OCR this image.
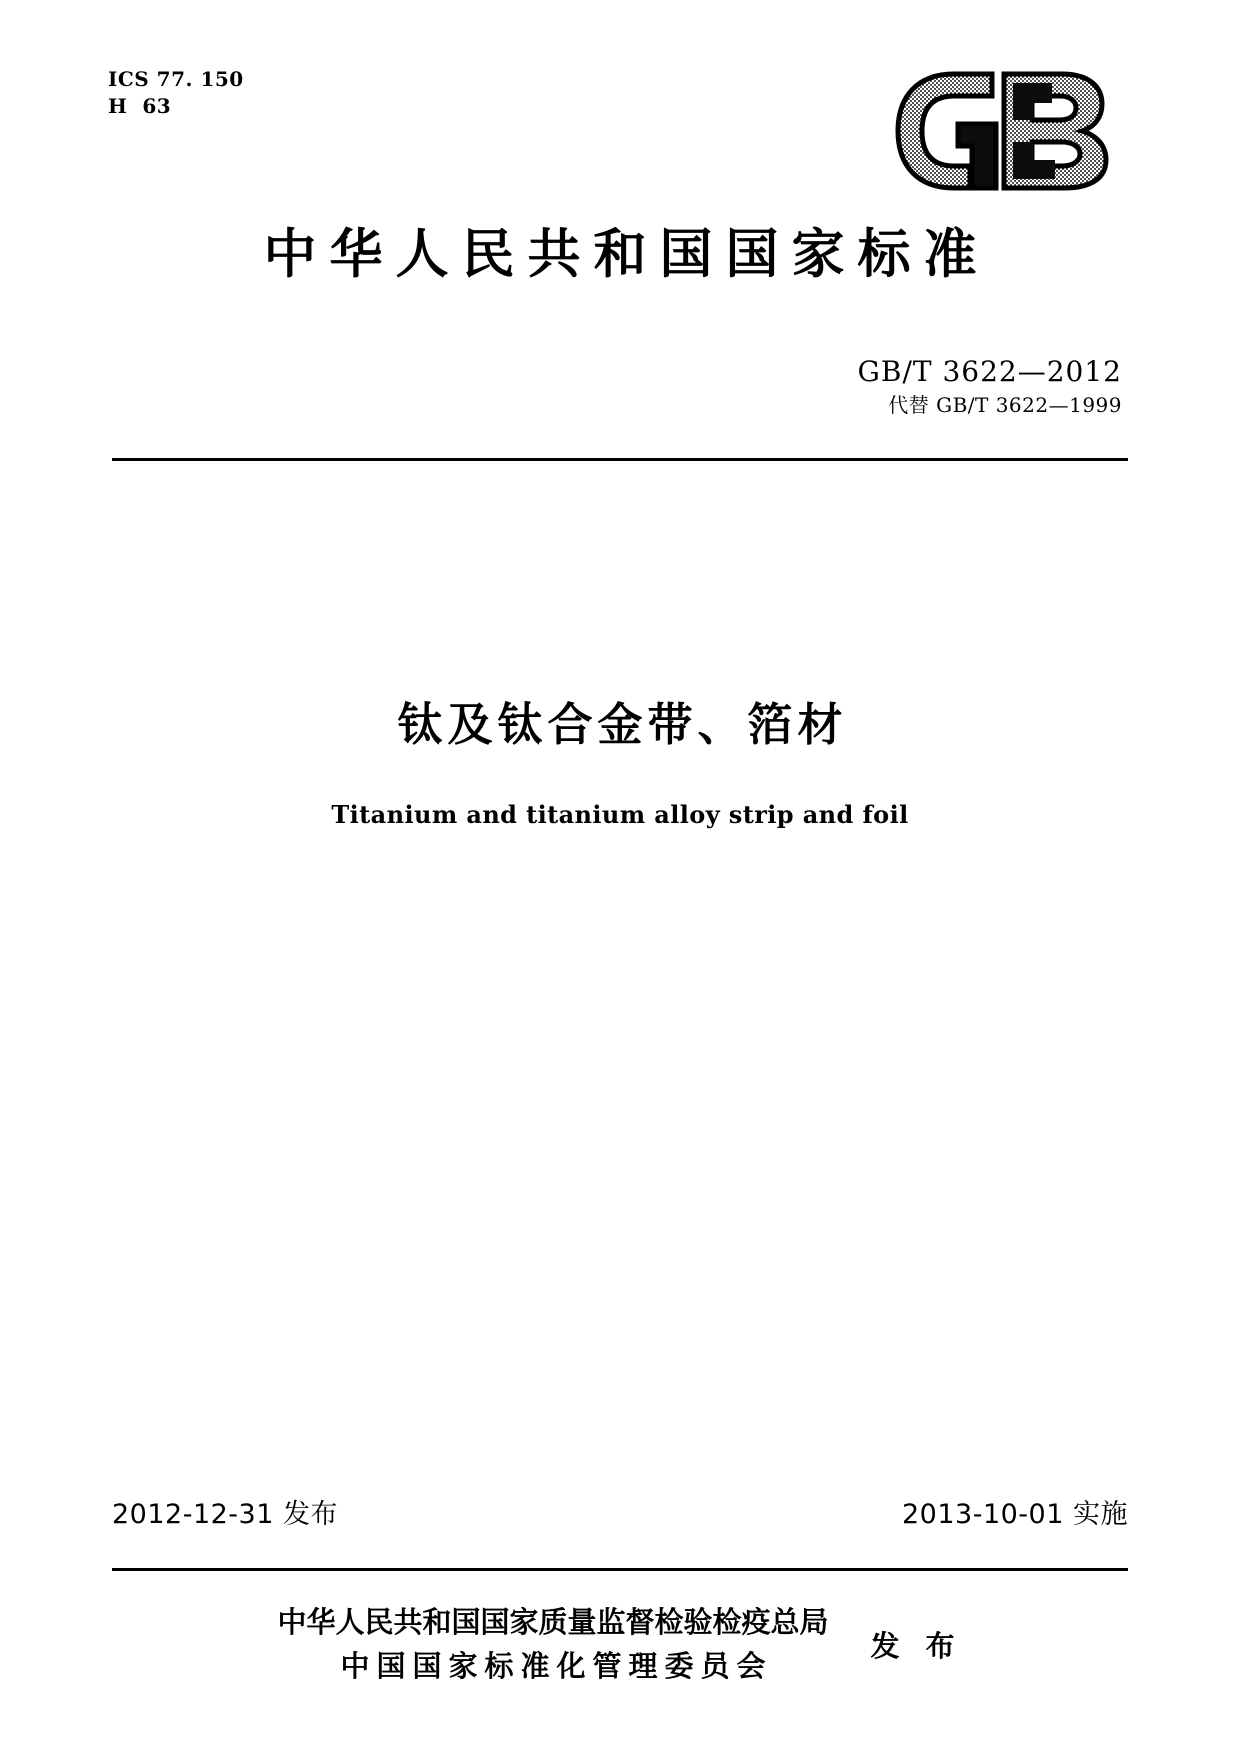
ICS 77. 150
H  63
中华人民共和国国家标准
GB/T 3622—2012
代替 GB/T 3622—1999
钛及钛合金带、箔材
Titanium and titanium alloy strip and foil
2012-12-31 发布	2013-10-01 实施
中华人民共和国国家质量监督检验检疫总局
中国国家标准化管理委员会
发 布
